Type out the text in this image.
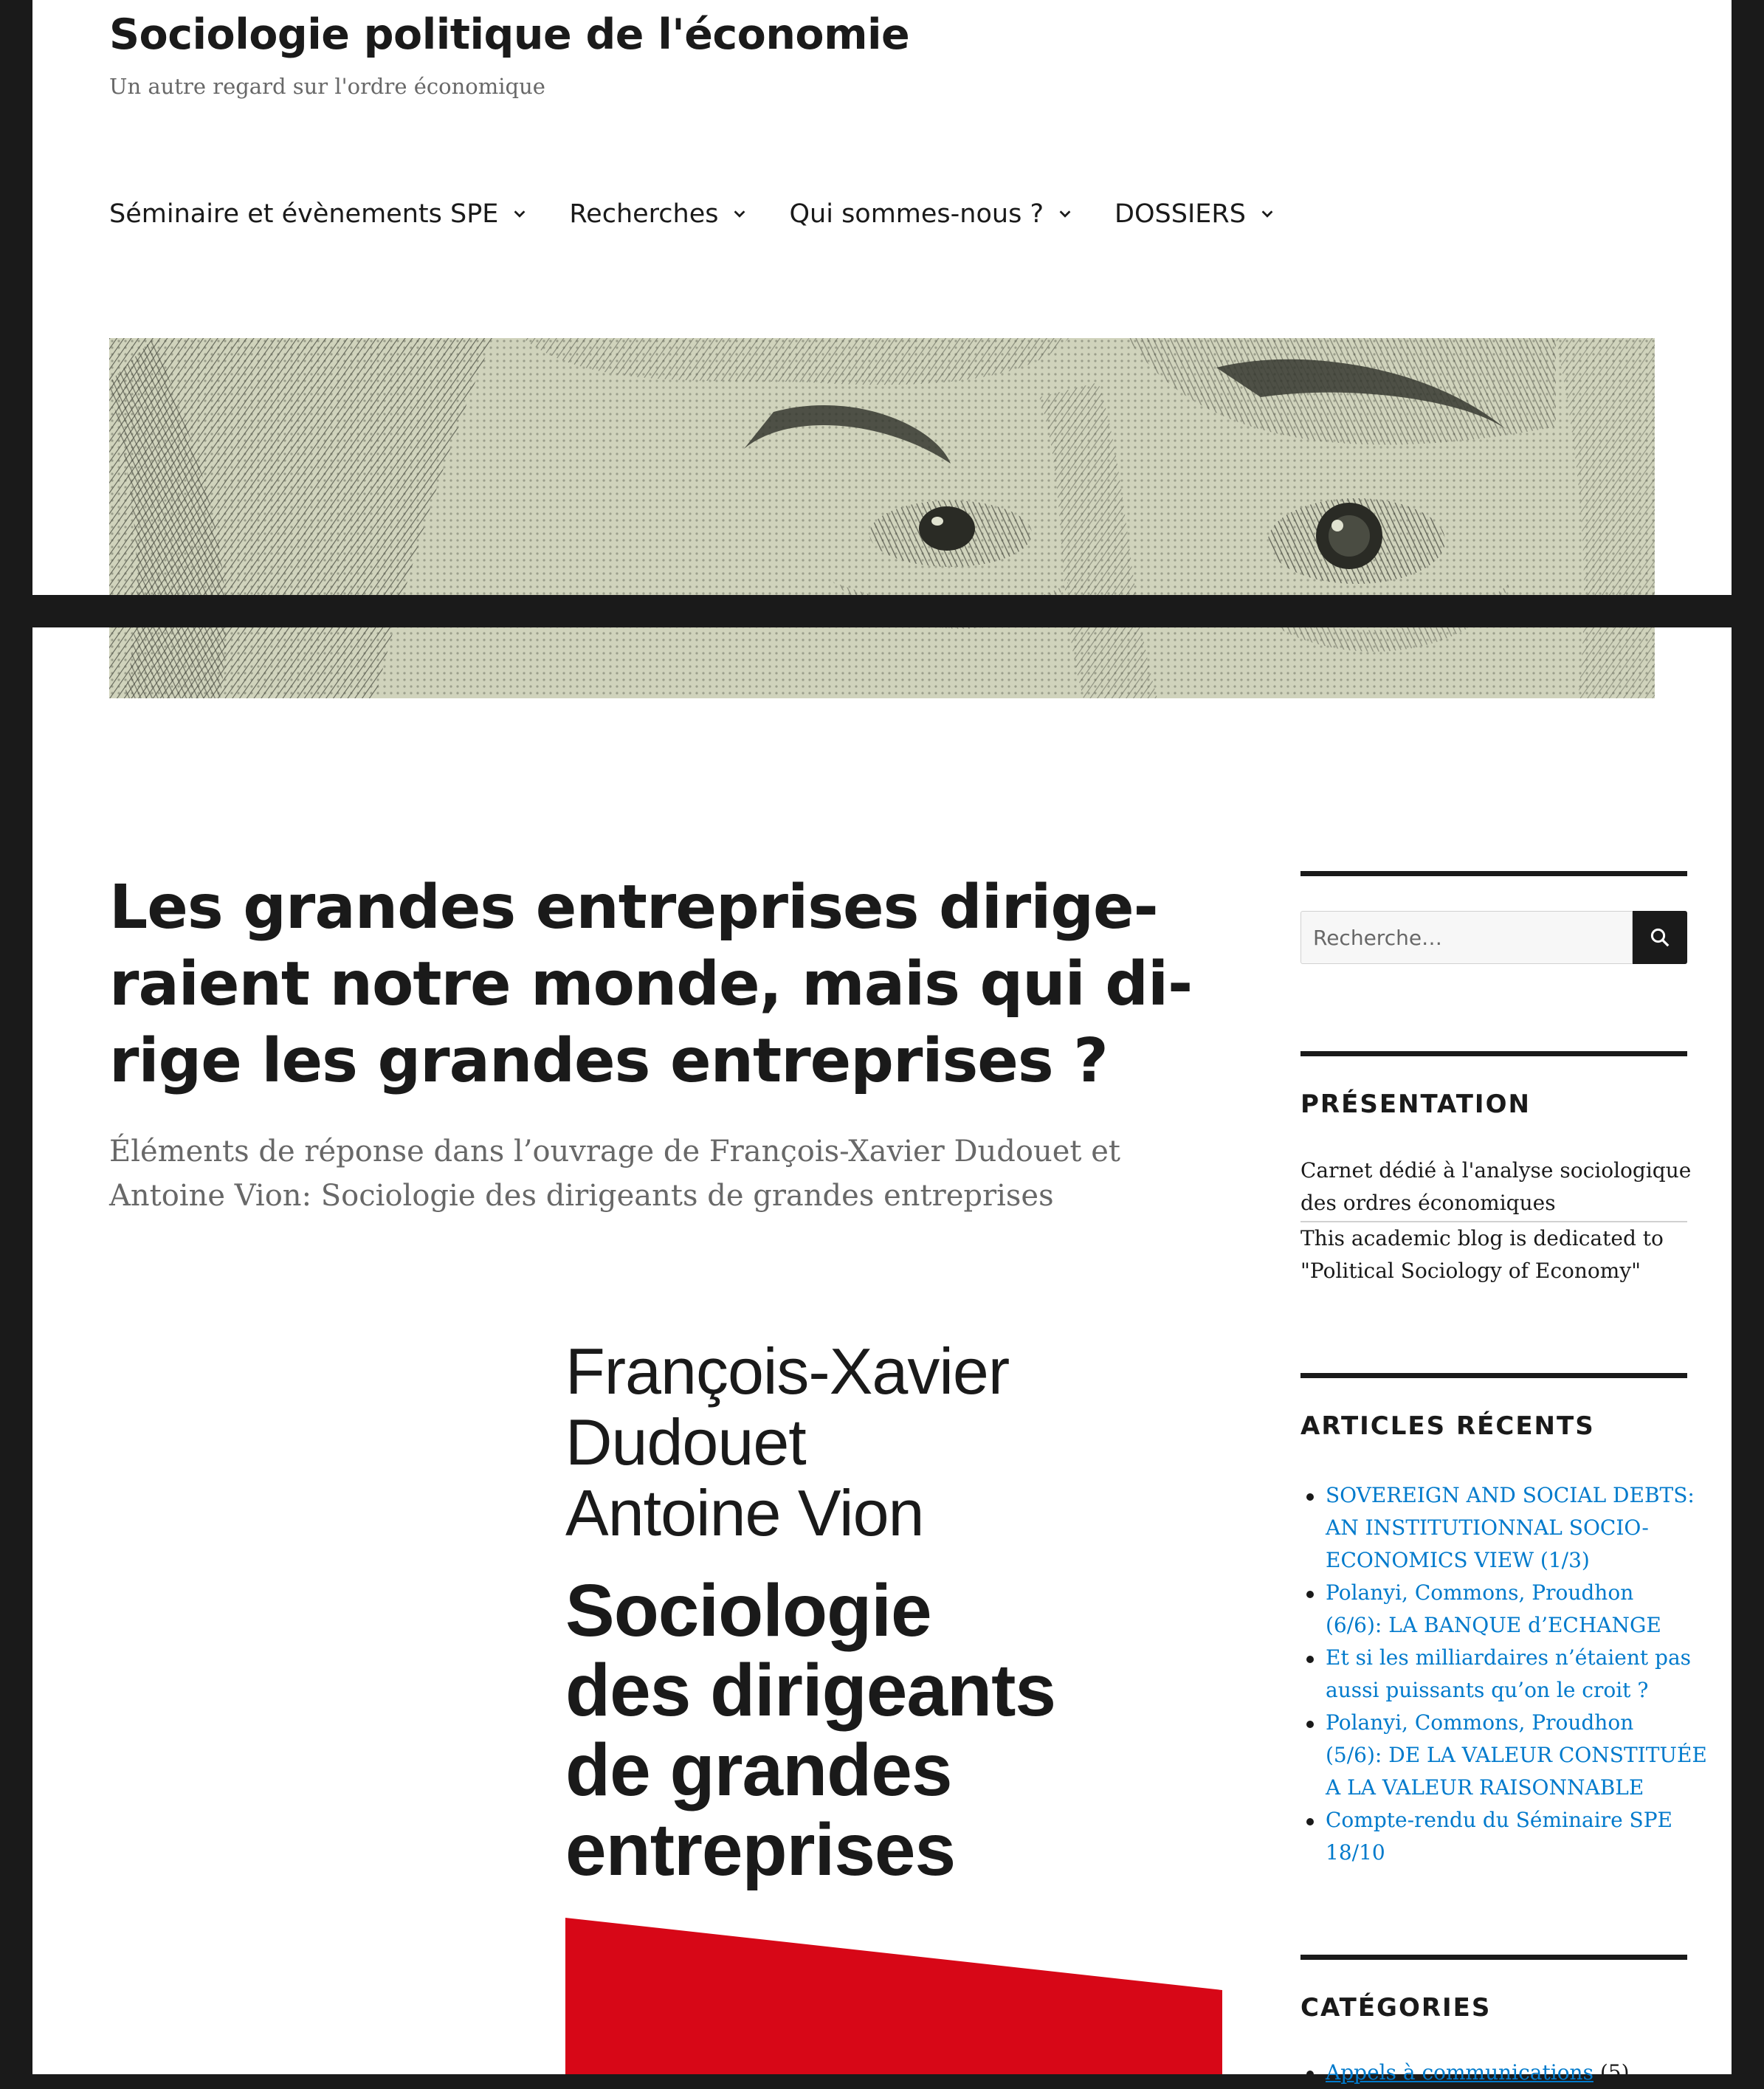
Sociologie politique de l'économie
Un autre regard sur l'ordre économique
Séminaire et évènements SPE	Recherches	Qui sommes-nous ?	DOSSIERS
Les grandes entreprises dirige-
raient notre monde, mais qui di-
rige les grandes entreprises ?
Éléments de réponse dans l’ouvrage de François-Xavier Dudouet et
Antoine Vion: Sociologie des dirigeants de grandes entreprises
François-Xavier
Dudouet
Antoine Vion
Sociologie
des dirigeants
de grandes
entreprises
Recherche…
PRÉSENTATION
Carnet dédié à l'analyse sociologique
des ordres économiques
This academic blog is dedicated to
"Political Sociology of Economy"
ARTICLES RÉCENTS
SOVEREIGN AND SOCIAL DEBTS:
AN INSTITUTIONNAL SOCIO-
ECONOMICS VIEW (1/3)
Polanyi, Commons, Proudhon
(6/6): LA BANQUE d’ECHANGE
Et si les milliardaires n’étaient pas
aussi puissants qu’on le croit ?
Polanyi, Commons, Proudhon
(5/6): DE LA VALEUR CONSTITUÉE
A LA VALEUR RAISONNABLE
Compte-rendu du Séminaire SPE
18/10
CATÉGORIES
Appels à communications (5)
